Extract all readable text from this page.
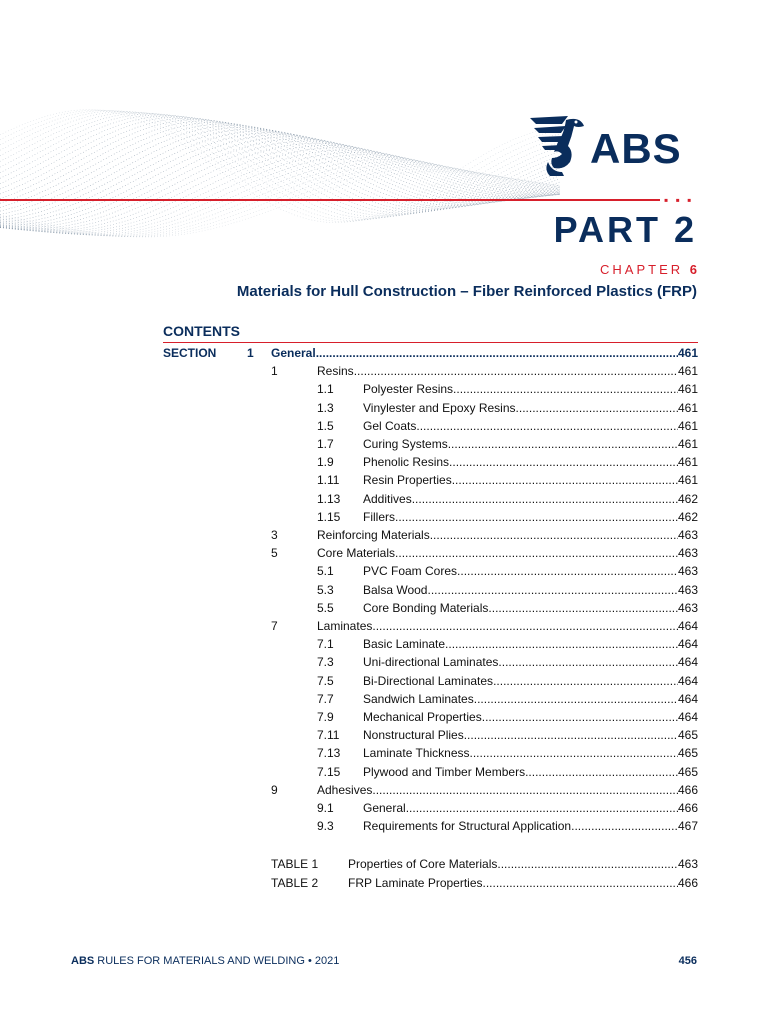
▪ ▪ ▪
ABS
PART 2
CHAPTER 6
Materials for Hull Construction – Fiber Reinforced Plastics (FRP)
CONTENTS
SECTION	1 General .....	461
1	Resins .....	461
1.1 Polyester Resins .....	461
1.3 Vinylester and Epoxy Resins .....	461
1.5 Gel Coats .....	461
1.7 Curing Systems .....	461
1.9 Phenolic Resins .....	461
1.11 Resin Properties .....	461
1.13 Additives .....	462
1.15 Fillers .....	462
3	Reinforcing Materials .....	463
5	Core Materials .....	463
5.1 PVC Foam Cores .....	463
5.3 Balsa Wood .....	463
5.5 Core Bonding Materials .....	463
7	Laminates .....	464
7.1 Basic Laminate .....	464
7.3 Uni-directional Laminates .....	464
7.5 Bi-Directional Laminates .....	464
7.7 Sandwich Laminates .....	464
7.9 Mechanical Properties .....	464
7.11 Nonstructural Plies .....	465
7.13 Laminate Thickness .....	465
7.15 Plywood and Timber Members .....	465
9	Adhesives .....	466
9.1 General .....	466
9.3 Requirements for Structural Application .....	467
TABLE 1 Properties of Core Materials .....	463
TABLE 2 FRP Laminate Properties .....	466
ABS RULES FOR MATERIALS AND WELDING • 2021	456
